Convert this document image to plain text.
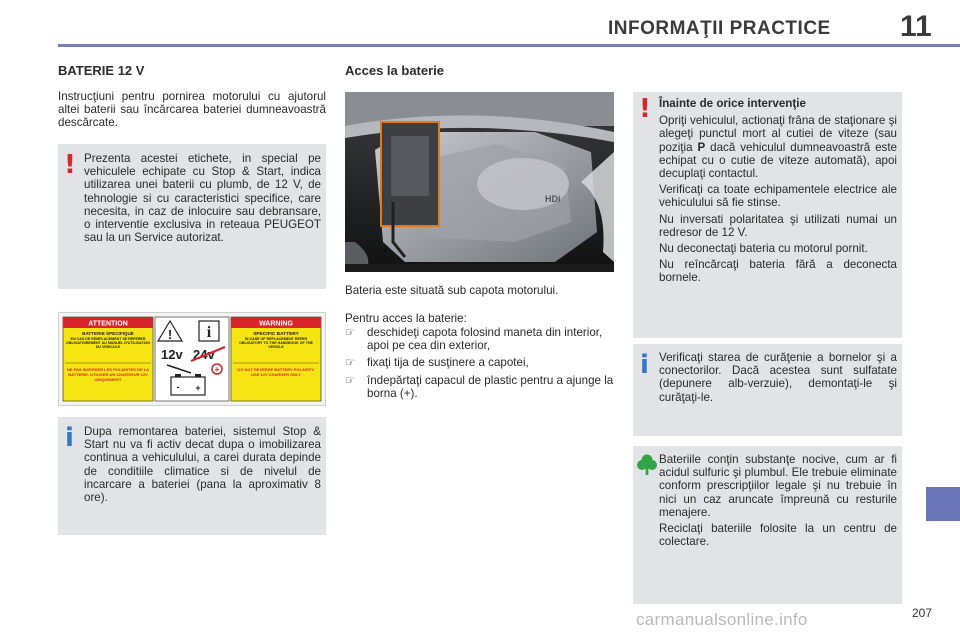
INFORMAŢII PRACTICE 11
BATERIE 12 V
Instrucţiuni pentru pornirea motorului cu ajutorul altei baterii sau încărcarea bateriei dumneavoastră descărcate.
! Prezenta acestei etichete, in special pe vehiculele echipate cu Stop & Start, indica utilizarea unei baterii cu plumb, de 12 V, de tehnologie si cu caracteristici specifice, care necesita, in caz de inlocuire sau debransare, o interventie exclusiva in reteaua PEUGEOT sau la un Service autorizat.
ATTENTION
BATTERIE SPECIFIQUE
EN CAS DE REMPLACEMENT SE REFERER OBLIGATOIREMENT AU MANUEL D'UTILISATION DU VEHICULE
NE PAS INVERSER LES POLARITES DE LA BATTERIE. UTILISER UN CHARGEUR 12V UNIQUEMENT
! i
12v 24v
+
- +
WARNING
SPECIFIC BATTERY
IN CASE OF REPLACEMENT REFER OBLIGATORY TO THE HANDBOOK OF THE VEHICLE
DO NOT REVERSE BATTERY POLARITY. USE 12V CHARGER ONLY
i Dupa remontarea bateriei, sistemul Stop & Start nu va fi activ decat dupa o imobilizarea continua a vehiculului, a carei durata depinde de conditiile climatice si de nivelul de incarcare a bateriei (pana la aproximativ 8 ore).
Acces la baterie
HDi
Bateria este situată sub capota motorului.
Pentru acces la baterie:
☞ deschideţi capota folosind maneta din interior, apoi pe cea din exterior,
☞ fixaţi tija de susţinere a capotei,
☞ îndepărtaţi capacul de plastic pentru a ajunge la borna (+).
! Înainte de orice intervenţie

Opriţi vehiculul, actionaţi frâna de staţionare şi alegeţi punctul mort al cutiei de viteze (sau poziţia P dacă vehiculul dumneavoastră este echipat cu o cutie de viteze automată), apoi decuplaţi contactul.

Verificaţi ca toate echipamentele electrice ale vehiculului să fie stinse.

Nu inversati polaritatea şi utilizati numai un redresor de 12 V.

Nu deconectaţi bateria cu motorul pornit.

Nu reîncărcaţi bateria fără a deconecta bornele.

i Verificaţi starea de curăţenie a bornelor şi a conectorilor. Dacă acestea sunt sulfatate (depunere alb-verzuie), demontaţi-le şi curăţaţi-le.

Bateriile conţin substanţe nocive, cum ar fi acidul sulfuric şi plumbul. Ele trebuie eliminate conform prescripţiilor legale şi nu trebuie în nici un caz aruncate împreună cu resturile menajere.

Reciclaţi bateriile folosite la un centru de colectare.

carmanualsonline.info	207
